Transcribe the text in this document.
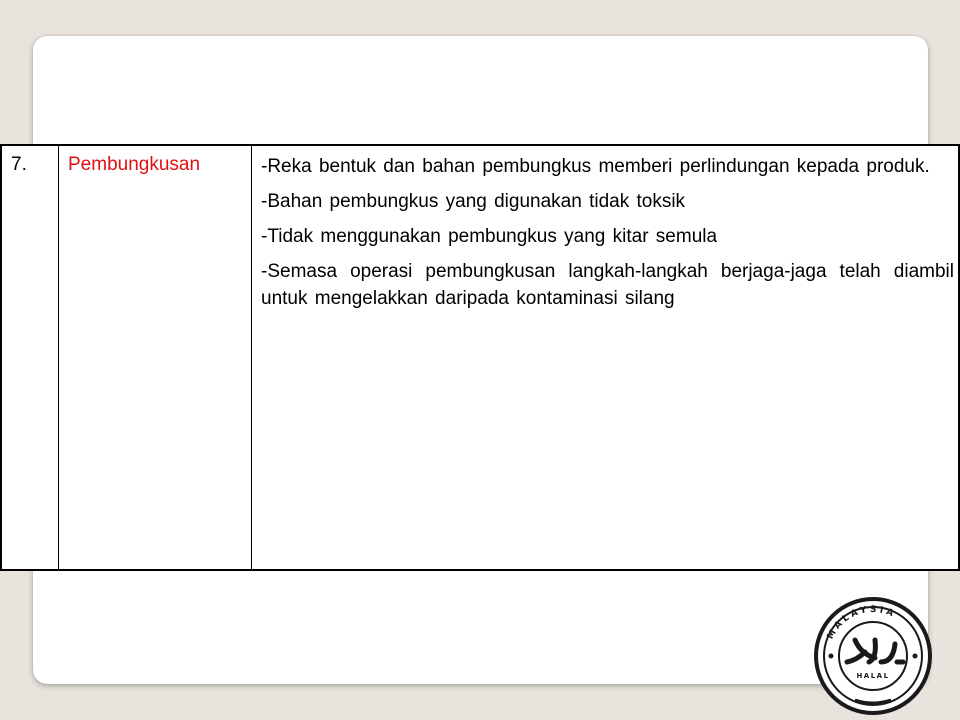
7.	Pembungkusan	-Reka bentuk dan bahan pembungkus memberi perlindungan kepada produk.

-Bahan pembungkus yang digunakan tidak toksik

-Tidak menggunakan pembungkus yang kitar semula

-Semasa operasi pembungkusan langkah-langkah berjaga-jaga telah diambil untuk mengelakkan daripada kontaminasi silang

MALAYSIA
HALAL
